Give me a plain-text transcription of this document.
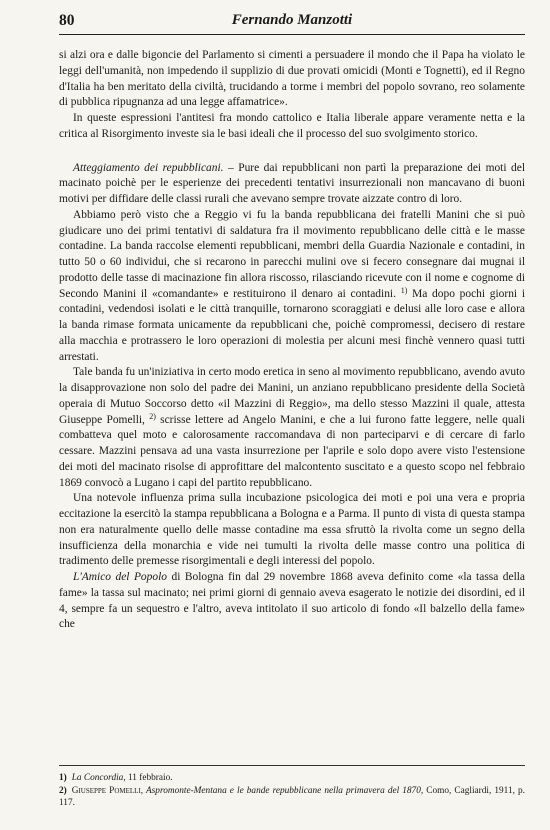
80	Fernando Manzotti

si alzi ora e dalle bigoncie del Parlamento si cimenti a persuadere il mondo che il Papa ha violato le leggi dell'umanità, non impedendo il supplizio di due provati omicidi (Monti e Tognetti), ed il Regno d'Italia ha ben meritato della civiltà, trucidando a torme i membri del popolo sovrano, reo solamente di pubblica ripugnanza ad una legge affamatrice».

In queste espressioni l'antitesi fra mondo cattolico e Italia liberale appare veramente netta e la critica al Risorgimento investe sia le basi ideali che il processo del suo svolgimento storico.

Atteggiamento dei repubblicani. – Pure dai repubblicani non partì la preparazione dei moti del macinato poichè per le esperienze dei precedenti tentativi insurrezionali non mancavano di buoni motivi per diffidare delle classi rurali che avevano sempre trovate aizzate contro di loro.

Abbiamo però visto che a Reggio vi fu la banda repubblicana dei fratelli Manini che si può giudicare uno dei primi tentativi di saldatura fra il movimento repubblicano delle città e le masse contadine. La banda raccolse elementi repubblicani, membri della Guardia Nazionale e contadini, in tutto 50 o 60 individui, che si recarono in parecchi mulini ove si fecero consegnare dai mugnai il prodotto delle tasse di macinazione fin allora riscosso, rilasciando ricevute con il nome e cognome di Secondo Manini il «comandante» e restituirono il denaro ai contadini. $^{1)}$ Ma dopo pochi giorni i contadini, vedendosi isolati e le città tranquille, tornarono scoraggiati e delusi alle loro case e allora la banda rimase formata unicamente da repubblicani che, poichè compromessi, decisero di restare alla macchia e protrassero le loro operazioni di molestia per alcuni mesi finchè vennero quasi tutti arrestati.

Tale banda fu un'iniziativa in certo modo eretica in seno al movimento repubblicano, avendo avuto la disapprovazione non solo del padre dei Manini, un anziano repubblicano presidente della Società operaia di Mutuo Soccorso detto «il Mazzini di Reggio», ma dello stesso Mazzini il quale, attesta Giuseppe Pomelli, $^{2)}$ scrisse lettere ad Angelo Manini, e che a lui furono fatte leggere, nelle quali combatteva quel moto e calorosamente raccomandava di non parteciparvi e di cercare di farlo cessare. Mazzini pensava ad una vasta insurrezione per l'aprile e solo dopo avere visto l'estensione dei moti del macinato risolse di approfittare del malcontento suscitato e a questo scopo nel febbraio 1869 convocò a Lugano i capi del partito repubblicano.

Una notevole influenza prima sulla incubazione psicologica dei moti e poi una vera e propria eccitazione la esercitò la stampa repubblicana a Bologna e a Parma. Il punto di vista di questa stampa non era naturalmente quello delle masse contadine ma essa sfruttò la rivolta come un segno della insufficienza della monarchia e vide nei tumulti la rivolta delle masse contro una politica di tradimento delle premesse risorgimentali e degli interessi del popolo.

L'Amico del Popolo di Bologna fin dal 29 novembre 1868 aveva definito come «la tassa della fame» la tassa sul macinato; nei primi giorni di gennaio aveva esagerato le notizie dei disordini, ed il 4, sempre fa un sequestro e l'altro, aveva intitolato il suo articolo di fondo «Il balzello della fame» che

1) La Concordia, 11 febbraio.
2) Giuseppe Pomelli, Aspromonte-Mentana e le bande repubblicane nella primavera del 1870, Como, Cagliardi, 1911, p. 117.
